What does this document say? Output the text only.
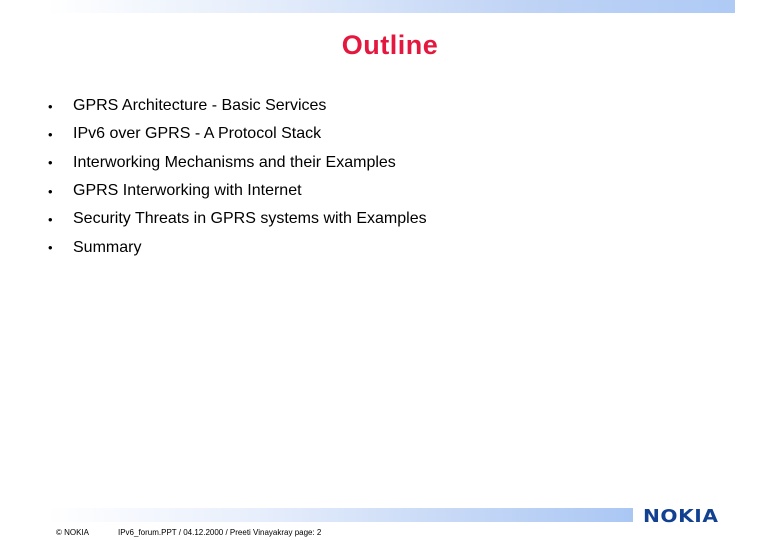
Outline
•	GPRS Architecture - Basic Services
•	IPv6 over GPRS - A Protocol Stack
•	Interworking Mechanisms and their Examples
•	GPRS Interworking with Internet
•	Security Threats in GPRS systems with Examples
•	Summary
NOKIA
© NOKIA	IPv6_forum.PPT / 04.12.2000 / Preeti Vinayakray page: 2
